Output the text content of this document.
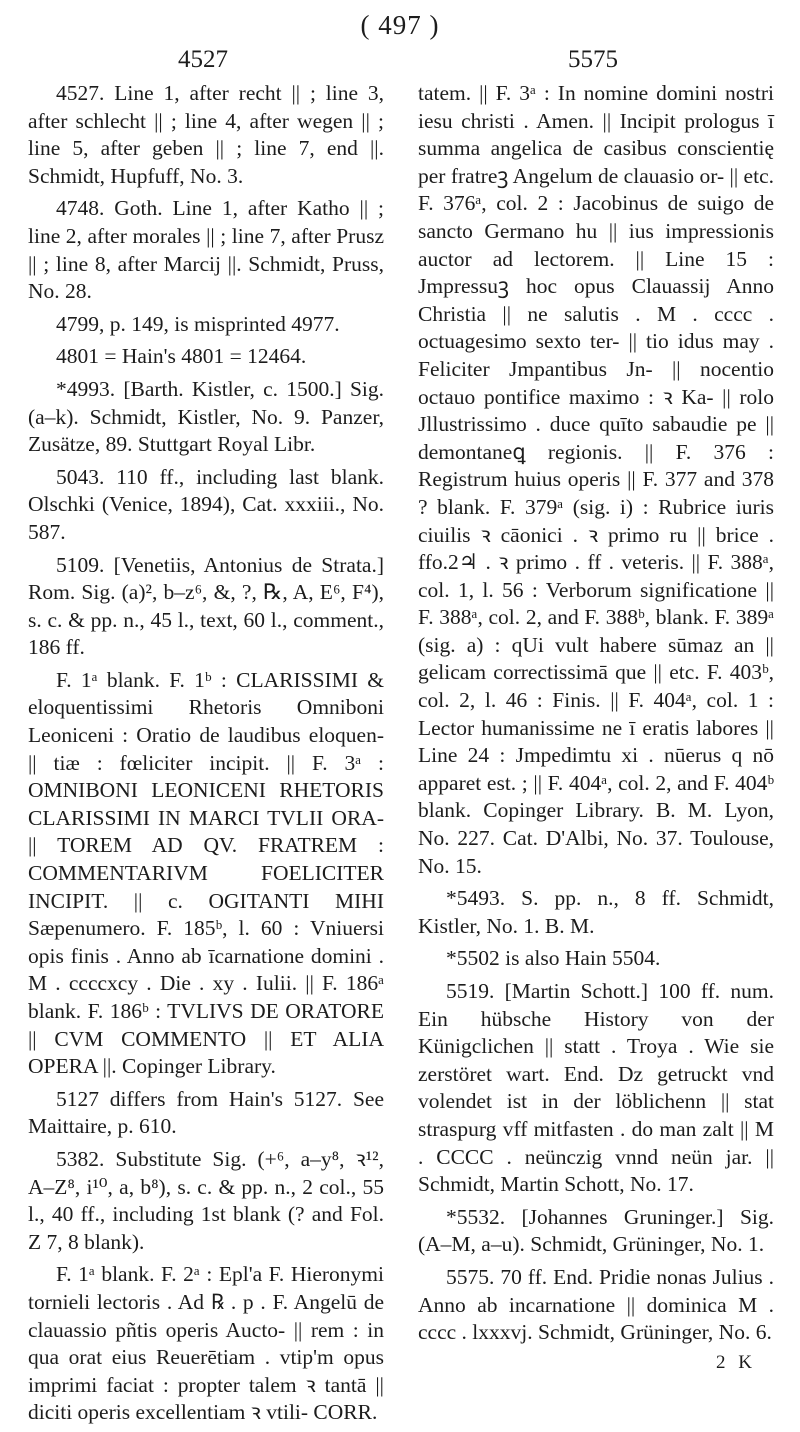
( 497 )
4527	5575

4527. Line 1, after recht || ; line 3, after schlecht || ; line 4, after wegen || ; line 5, after geben || ; line 7, end ||. Schmidt, Hupfuff, No. 3.

4748. Goth. Line 1, after Katho || ; line 2, after morales || ; line 7, after Prusz || ; line 8, after Marcij ||. Schmidt, Pruss, No. 28.

4799, p. 149, is misprinted 4977.

4801 = Hain's 4801 = 12464.

*4993. [Barth. Kistler, c. 1500.] Sig. (a–k). Schmidt, Kistler, No. 9. Panzer, Zusätze, 89. Stuttgart Royal Libr.

5043. 110 ff., including last blank. Olschki (Venice, 1894), Cat. xxxiii., No. 587.

5109. [Venetiis, Antonius de Strata.] Rom. Sig. (a)², b–z⁶, &, ?, ℞, A, E⁶, F⁴), s. c. & pp. n., 45 l., text, 60 l., comment., 186 ff.

F. 1ᵃ blank. F. 1ᵇ : CLARISSIMI & eloquentissimi Rhetoris Omniboni Leoniceni : Oratio de laudibus eloquen- || tiæ : fœliciter incipit. || F. 3ᵃ : OMNIBONI LEONICENI RHETORIS CLARISSIMI IN MARCI TVLII ORA- || TOREM AD QV. FRATREM : COMMENTARIVM FOELICITER INCIPIT. || c. OGITANTI MIHI Sæpenumero. F. 185ᵇ, l. 60 : Vniuersi opis finis . Anno ab īcarnatione domini . M . ccccxcy . Die . xy . Iulii. || F. 186ᵃ blank. F. 186ᵇ : TVLIVS DE ORATORE || CVM COMMENTO || ET ALIA OPERA ||. Copinger Library.

5127 differs from Hain's 5127. See Maittaire, p. 610.

5382. Substitute Sig. (+⁶, a–y⁸, ꝛ¹², A–Z⁸, i¹⁰, a, b⁸), s. c. & pp. n., 2 col., 55 l., 40 ff., including 1st blank (? and Fol. Z 7, 8 blank).

F. 1ᵃ blank. F. 2ᵃ : Epl'a F. Hieronymi tornieli lectoris . Ad ℞ . p . F. Angelū de clauassio pñtis operis Aucto- || rem : in qua orat eius Reuerētiam . vtip'm opus imprimi faciat : propter talem ꝛ tantā || diciti operis excellentiam ꝛ vtili- CORR.

tatem. || F. 3ᵃ : In nomine domini nostri iesu christi . Amen. || Incipit prologus ī summa angelica de casibus conscientię per fratreꝫ Angelum de clauasio or- || etc. F. 376ᵃ, col. 2 : Jacobinus de suigo de sancto Germano hu || ius impressionis auctor ad lectorem. || Line 15 : Jmpressuꝫ hoc opus Clauassij Anno Christia || ne salutis . M . cccc . octuagesimo sexto ter- || tio idus may . Feliciter Jmpantibus Jn- || nocentio octauo pontifice maximo : ꝛ Ka- || rolo Jllustrissimo . duce quīto sabaudie pe || demontaneꝗ regionis. || F. 376 : Registrum huius operis || F. 377 and 378 ? blank. F. 379ᵃ (sig. i) : Rubrice iuris ciuilis ꝛ cāonici . ꝛ primo ru || brice . ffo.2♃ . ꝛ primo . ff . veteris. || F. 388ᵃ, col. 1, l. 56 : Verborum significatione || F. 388ᵃ, col. 2, and F. 388ᵇ, blank. F. 389ᵃ (sig. a) : qUi vult habere sūmaz an || gelicam correctissimā que || etc. F. 403ᵇ, col. 2, l. 46 : Finis. || F. 404ᵃ, col. 1 : Lector humanissime ne ī eratis labores || Line 24 : Jmpedimtu xi . nūerus q nō apparet est. ; || F. 404ᵃ, col. 2, and F. 404ᵇ blank. Copinger Library. B. M. Lyon, No. 227. Cat. D'Albi, No. 37. Toulouse, No. 15.

*5493. S. pp. n., 8 ff. Schmidt, Kistler, No. 1. B. M.

*5502 is also Hain 5504.

5519. [Martin Schott.] 100 ff. num. Ein hübsche History von der Künigclichen || statt . Troya . Wie sie zerstöret wart. End. Dz getruckt vnd volendet ist in der löblichenn || stat straspurg vff mitfasten . do man zalt || M . CCCC . neünczig vnnd neün jar. || Schmidt, Martin Schott, No. 17.

*5532. [Johannes Gruninger.] Sig. (A–M, a–u). Schmidt, Grüninger, No. 1.

5575. 70 ff. End. Pridie nonas Julius . Anno ab incarnatione || dominica M . cccc . lxxxvj. Schmidt, Grüninger, No. 6.

2 K
